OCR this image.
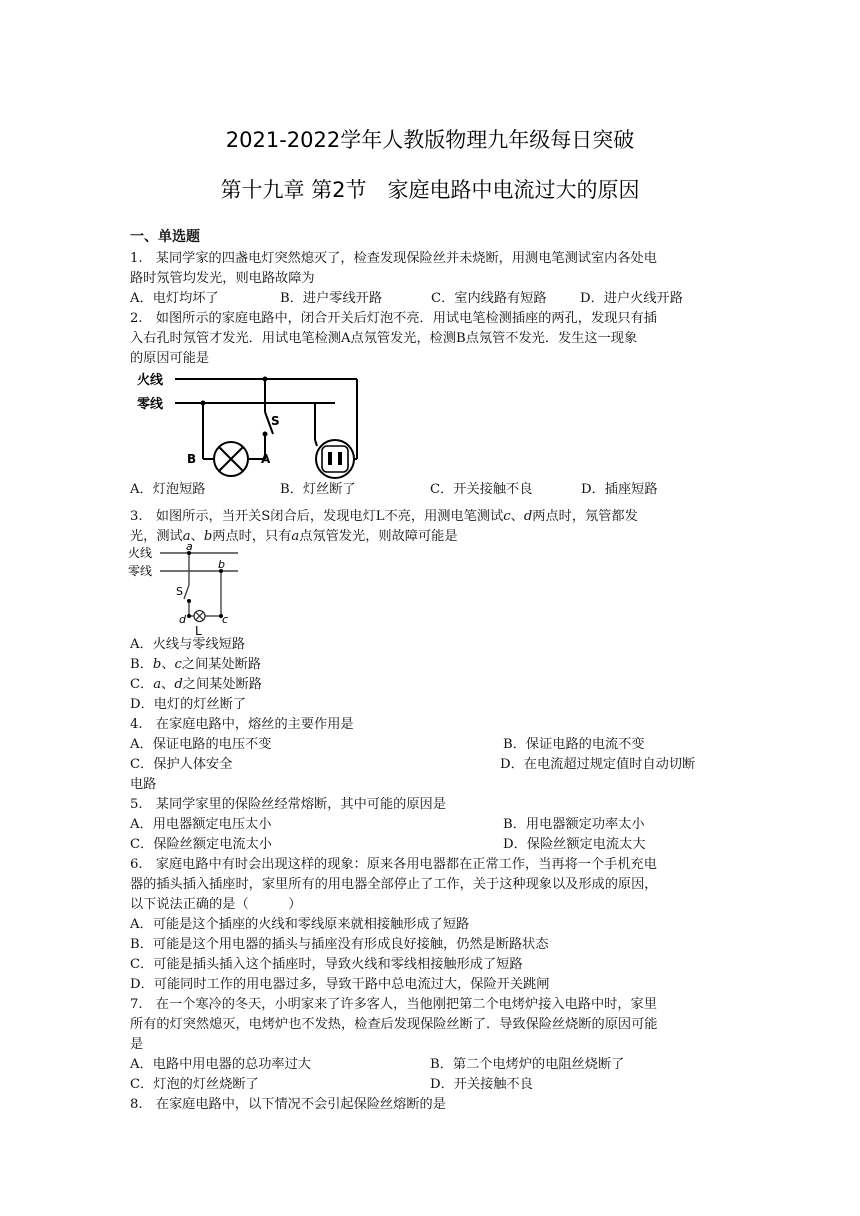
2021-2022学年人教版物理九年级每日突破
第十九章 第2节　家庭电路中电流过大的原因
一、单选题
1.　某同学家的四盏电灯突然熄灭了，检查发现保险丝并未烧断，用测电笔测试室内各处电
路时氖管均发光，则电路故障为
A．电灯均坏了	B．进户零线开路	C．室内线路有短路	D．进户火线开路
2.　如图所示的家庭电路中，闭合开关后灯泡不亮．用试电笔检测插座的两孔，发现只有插
入右孔时氖管才发光．用试电笔检测A点氖管发光，检测B点氖管不发光．发生这一现象
的原因可能是
火线
零线
S
A
B
A．灯泡短路	B．灯丝断了	C．开关接触不良	D．插座短路
3.　如图所示，当开关S闭合后，发现电灯L不亮，用测电笔测试c、d两点时，氖管都发
光，测试a、b两点时，只有a点氖管发光，则故障可能是
火线
零线
a
b
c
d
S
L
A．火线与零线短路
B．b、c之间某处断路
C．a、d之间某处断路
D．电灯的灯丝断了
4.　在家庭电路中，熔丝的主要作用是
A．保证电路的电压不变	B．保证电路的电流不变
C．保护人体安全	D．在电流超过规定值时自动切断
电路
5.　某同学家里的保险丝经常熔断，其中可能的原因是
A．用电器额定电压太小	B．用电器额定功率太小
C．保险丝额定电流太小	D．保险丝额定电流太大
6.　家庭电路中有时会出现这样的现象：原来各用电器都在正常工作，当再将一个手机充电
器的插头插入插座时，家里所有的用电器全部停止了工作，关于这种现象以及形成的原因，
以下说法正确的是（　　　）
A．可能是这个插座的火线和零线原来就相接触形成了短路
B．可能是这个用电器的插头与插座没有形成良好接触，仍然是断路状态
C．可能是插头插入这个插座时，导致火线和零线相接触形成了短路
D．可能同时工作的用电器过多，导致干路中总电流过大，保险开关跳闸
7.　在一个寒冷的冬天，小明家来了许多客人，当他刚把第二个电烤炉接入电路中时，家里
所有的灯突然熄灭，电烤炉也不发热，检查后发现保险丝断了．导致保险丝烧断的原因可能
是
A．电路中用电器的总功率过大	B．第二个电烤炉的电阻丝烧断了
C．灯泡的灯丝烧断了	D．开关接触不良
8.　在家庭电路中，以下情况不会引起保险丝熔断的是
